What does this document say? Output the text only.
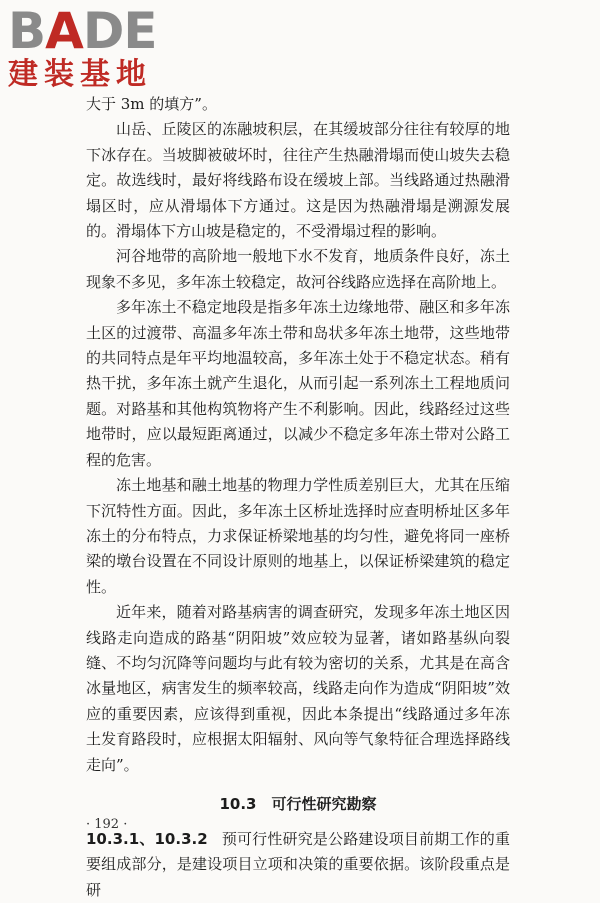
BADE
建装基地

大于 3m 的填方”。

山岳、丘陵区的冻融坡积层，在其缓坡部分往往有较厚的地下冰存在。当坡脚被破坏时，往往产生热融滑塌而使山坡失去稳定。故选线时，最好将线路布设在缓坡上部。当线路通过热融滑塌区时，应从滑塌体下方通过。这是因为热融滑塌是溯源发展的。滑塌体下方山坡是稳定的，不受滑塌过程的影响。

河谷地带的高阶地一般地下水不发育，地质条件良好，冻土现象不多见，多年冻土较稳定，故河谷线路应选择在高阶地上。

多年冻土不稳定地段是指多年冻土边缘地带、融区和多年冻土区的过渡带、高温多年冻土带和岛状多年冻土地带，这些地带的共同特点是年平均地温较高，多年冻土处于不稳定状态。稍有热干扰，多年冻土就产生退化，从而引起一系列冻土工程地质问题。对路基和其他构筑物将产生不利影响。因此，线路经过这些地带时，应以最短距离通过，以减少不稳定多年冻土带对公路工程的危害。

冻土地基和融土地基的物理力学性质差别巨大，尤其在压缩下沉特性方面。因此，多年冻土区桥址选择时应查明桥址区多年冻土的分布特点，力求保证桥梁地基的均匀性，避免将同一座桥梁的墩台设置在不同设计原则的地基上，以保证桥梁建筑的稳定性。

近年来，随着对路基病害的调查研究，发现多年冻土地区因线路走向造成的路基“阴阳坡”效应较为显著，诸如路基纵向裂缝、不均匀沉降等问题均与此有较为密切的关系，尤其是在高含冰量地区，病害发生的频率较高，线路走向作为造成“阴阳坡”效应的重要因素，应该得到重视，因此本条提出“线路通过多年冻土发育路段时，应根据太阳辐射、风向等气象特征合理选择路线走向”。

10.3　可行性研究勘察

10.3.1、10.3.2 预可行性研究是公路建设项目前期工作的重要组成部分，是建设项目立项和决策的重要依据。该阶段重点是研

· 192 ·
